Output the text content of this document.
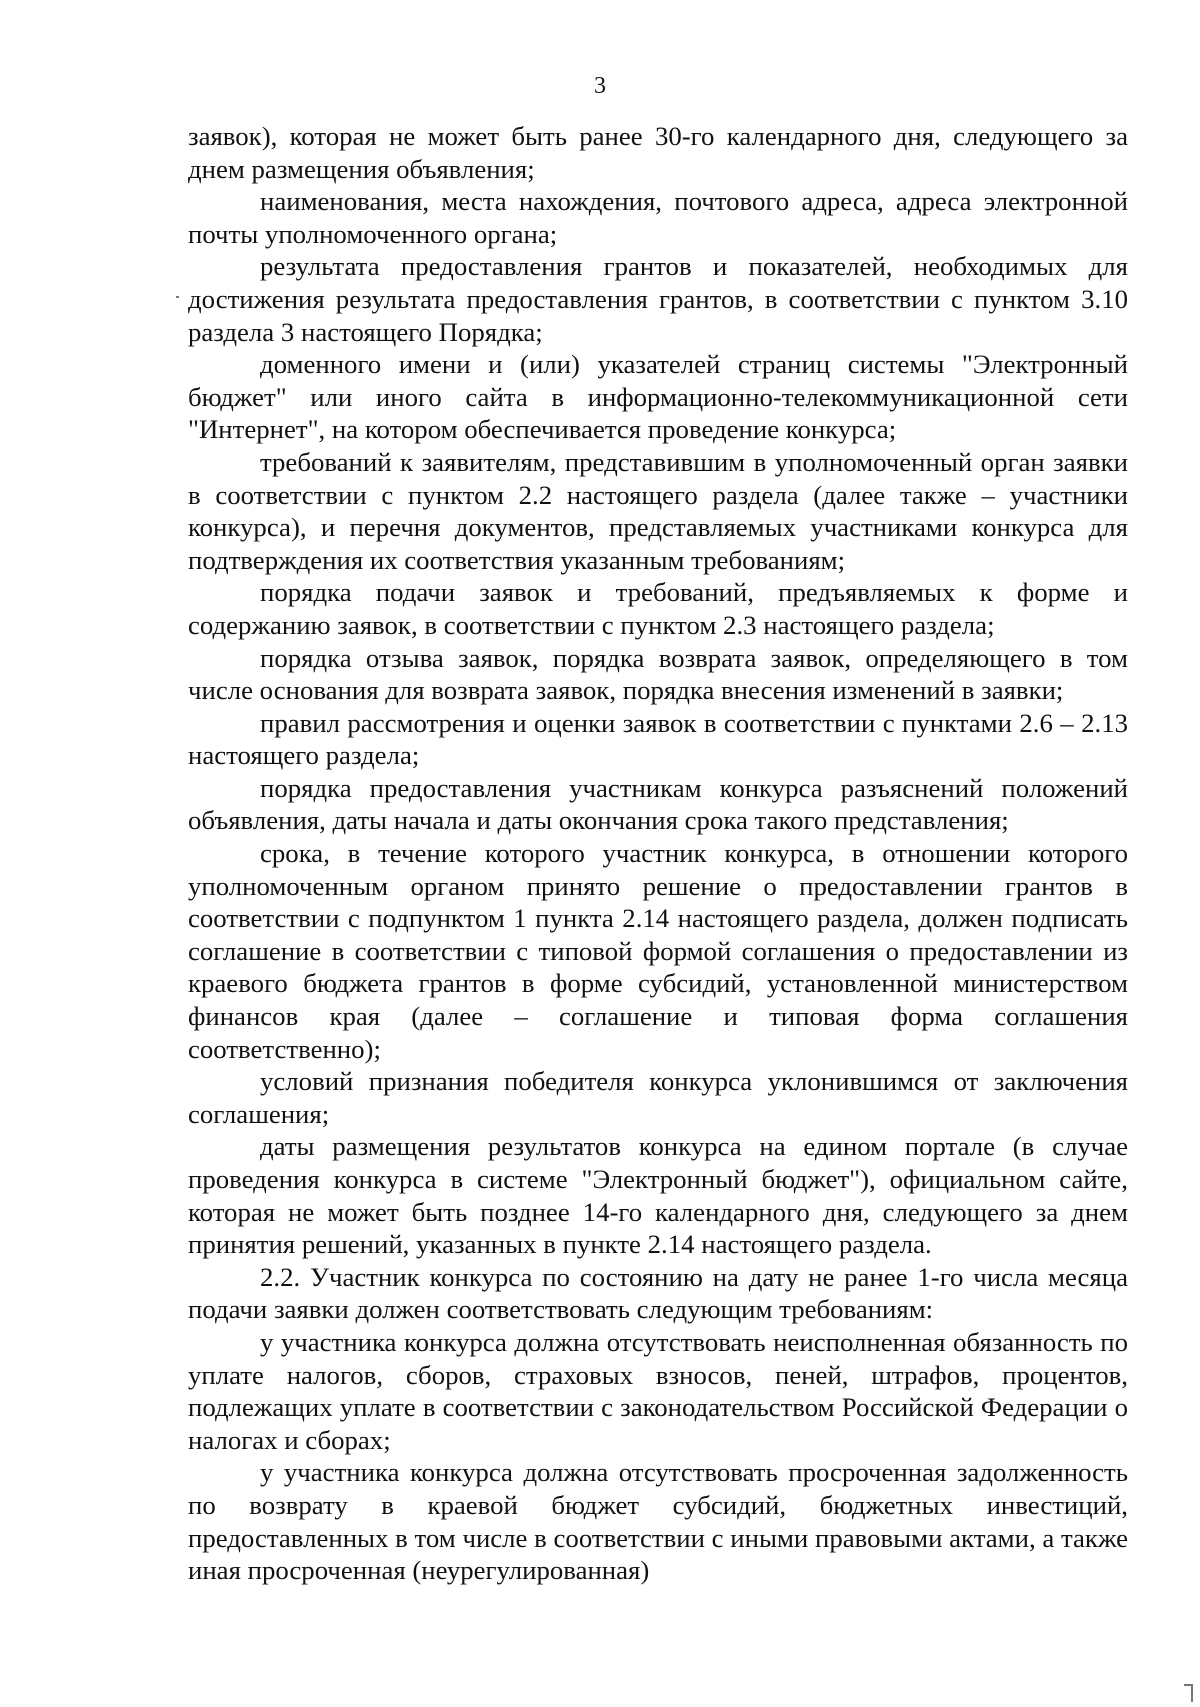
3

заявок), которая не может быть ранее 30-го календарного дня, следующего за днем размещения объявления;

наименования, места нахождения, почтового адреса, адреса электронной почты уполномоченного органа;

результата предоставления грантов и показателей, необходимых для достижения результата предоставления грантов, в соответствии с пунктом 3.10 раздела 3 настоящего Порядка;

доменного имени и (или) указателей страниц системы "Электронный бюджет" или иного сайта в информационно-телекоммуникационной сети "Интернет", на котором обеспечивается проведение конкурса;

требований к заявителям, представившим в уполномоченный орган заявки в соответствии с пунктом 2.2 настоящего раздела (далее также – участники конкурса), и перечня документов, представляемых участниками конкурса для подтверждения их соответствия указанным требованиям;

порядка подачи заявок и требований, предъявляемых к форме и содержанию заявок, в соответствии с пунктом 2.3 настоящего раздела;

порядка отзыва заявок, порядка возврата заявок, определяющего в том числе основания для возврата заявок, порядка внесения изменений в заявки;

правил рассмотрения и оценки заявок в соответствии с пунктами 2.6 – 2.13 настоящего раздела;

порядка предоставления участникам конкурса разъяснений положений объявления, даты начала и даты окончания срока такого представления;

срока, в течение которого участник конкурса, в отношении которого уполномоченным органом принято решение о предоставлении грантов в соответствии с подпунктом 1 пункта 2.14 настоящего раздела, должен подписать соглашение в соответствии с типовой формой соглашения о предоставлении из краевого бюджета грантов в форме субсидий, установленной министерством финансов края (далее – соглашение и типовая форма соглашения соответственно);

условий признания победителя конкурса уклонившимся от заключения соглашения;

даты размещения результатов конкурса на едином портале (в случае проведения конкурса в системе "Электронный бюджет"), официальном сайте, которая не может быть позднее 14-го календарного дня, следующего за днем принятия решений, указанных в пункте 2.14 настоящего раздела.

2.2. Участник конкурса по состоянию на дату не ранее 1-го числа месяца подачи заявки должен соответствовать следующим требованиям:

у участника конкурса должна отсутствовать неисполненная обязанность по уплате налогов, сборов, страховых взносов, пеней, штрафов, процентов, подлежащих уплате в соответствии с законодательством Российской Федерации о налогах и сборах;

у участника конкурса должна отсутствовать просроченная задолженность по возврату в краевой бюджет субсидий, бюджетных инвестиций, предоставленных в том числе в соответствии с иными правовыми актами, а также иная просроченная (неурегулированная)
